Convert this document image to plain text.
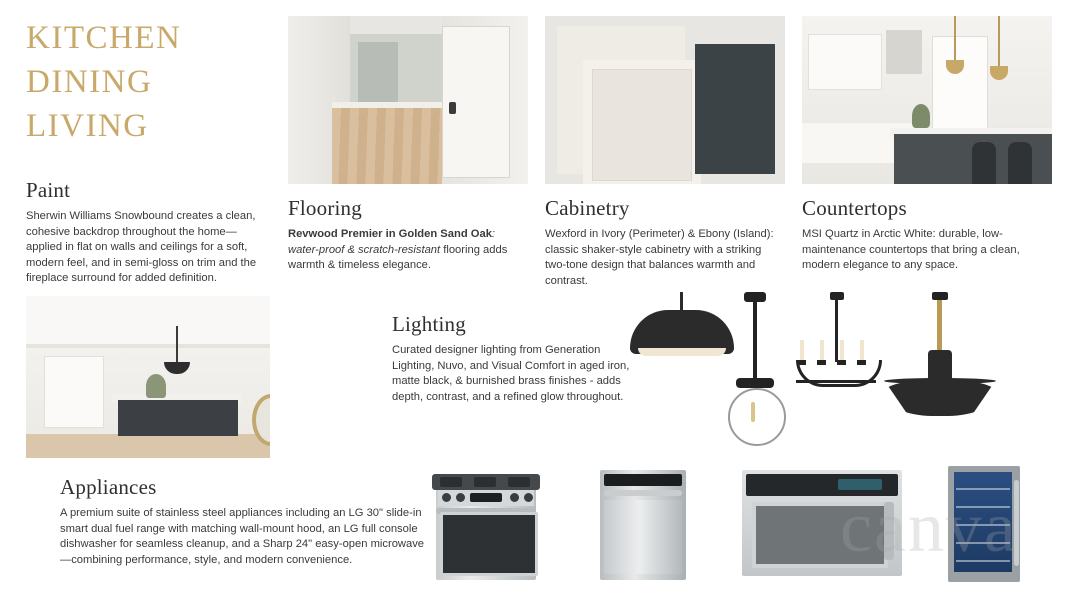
KITCHEN
DINING
LIVING
Paint

Sherwin Williams Snowbound creates a clean, cohesive backdrop throughout the home—applied in flat on walls and ceilings for a soft, modern feel, and in semi-gloss on trim and the fireplace surround for added definition.

Flooring

Revwood Premier in Golden Sand Oak: water-proof & scratch-resistant flooring adds warmth & timeless elegance.

Cabinetry

Wexford in Ivory (Perimeter) & Ebony (Island): classic shaker-style cabinetry with a striking two-tone design that balances warmth and contrast.

Countertops

MSI Quartz in Arctic White: durable, low-maintenance countertops that bring a clean, modern elegance to any space.

Lighting

Curated designer lighting from Generation Lighting, Nuvo, and Visual Comfort in aged iron, matte black, & burnished brass finishes - adds depth, contrast, and a refined glow throughout.

Appliances

A premium suite of stainless steel appliances including an LG 30" slide-in smart dual fuel range with matching wall-mount hood, an LG full console dishwasher for seamless cleanup, and a Sharp 24" easy-open microwave—combining performance, style, and modern convenience.	canva
